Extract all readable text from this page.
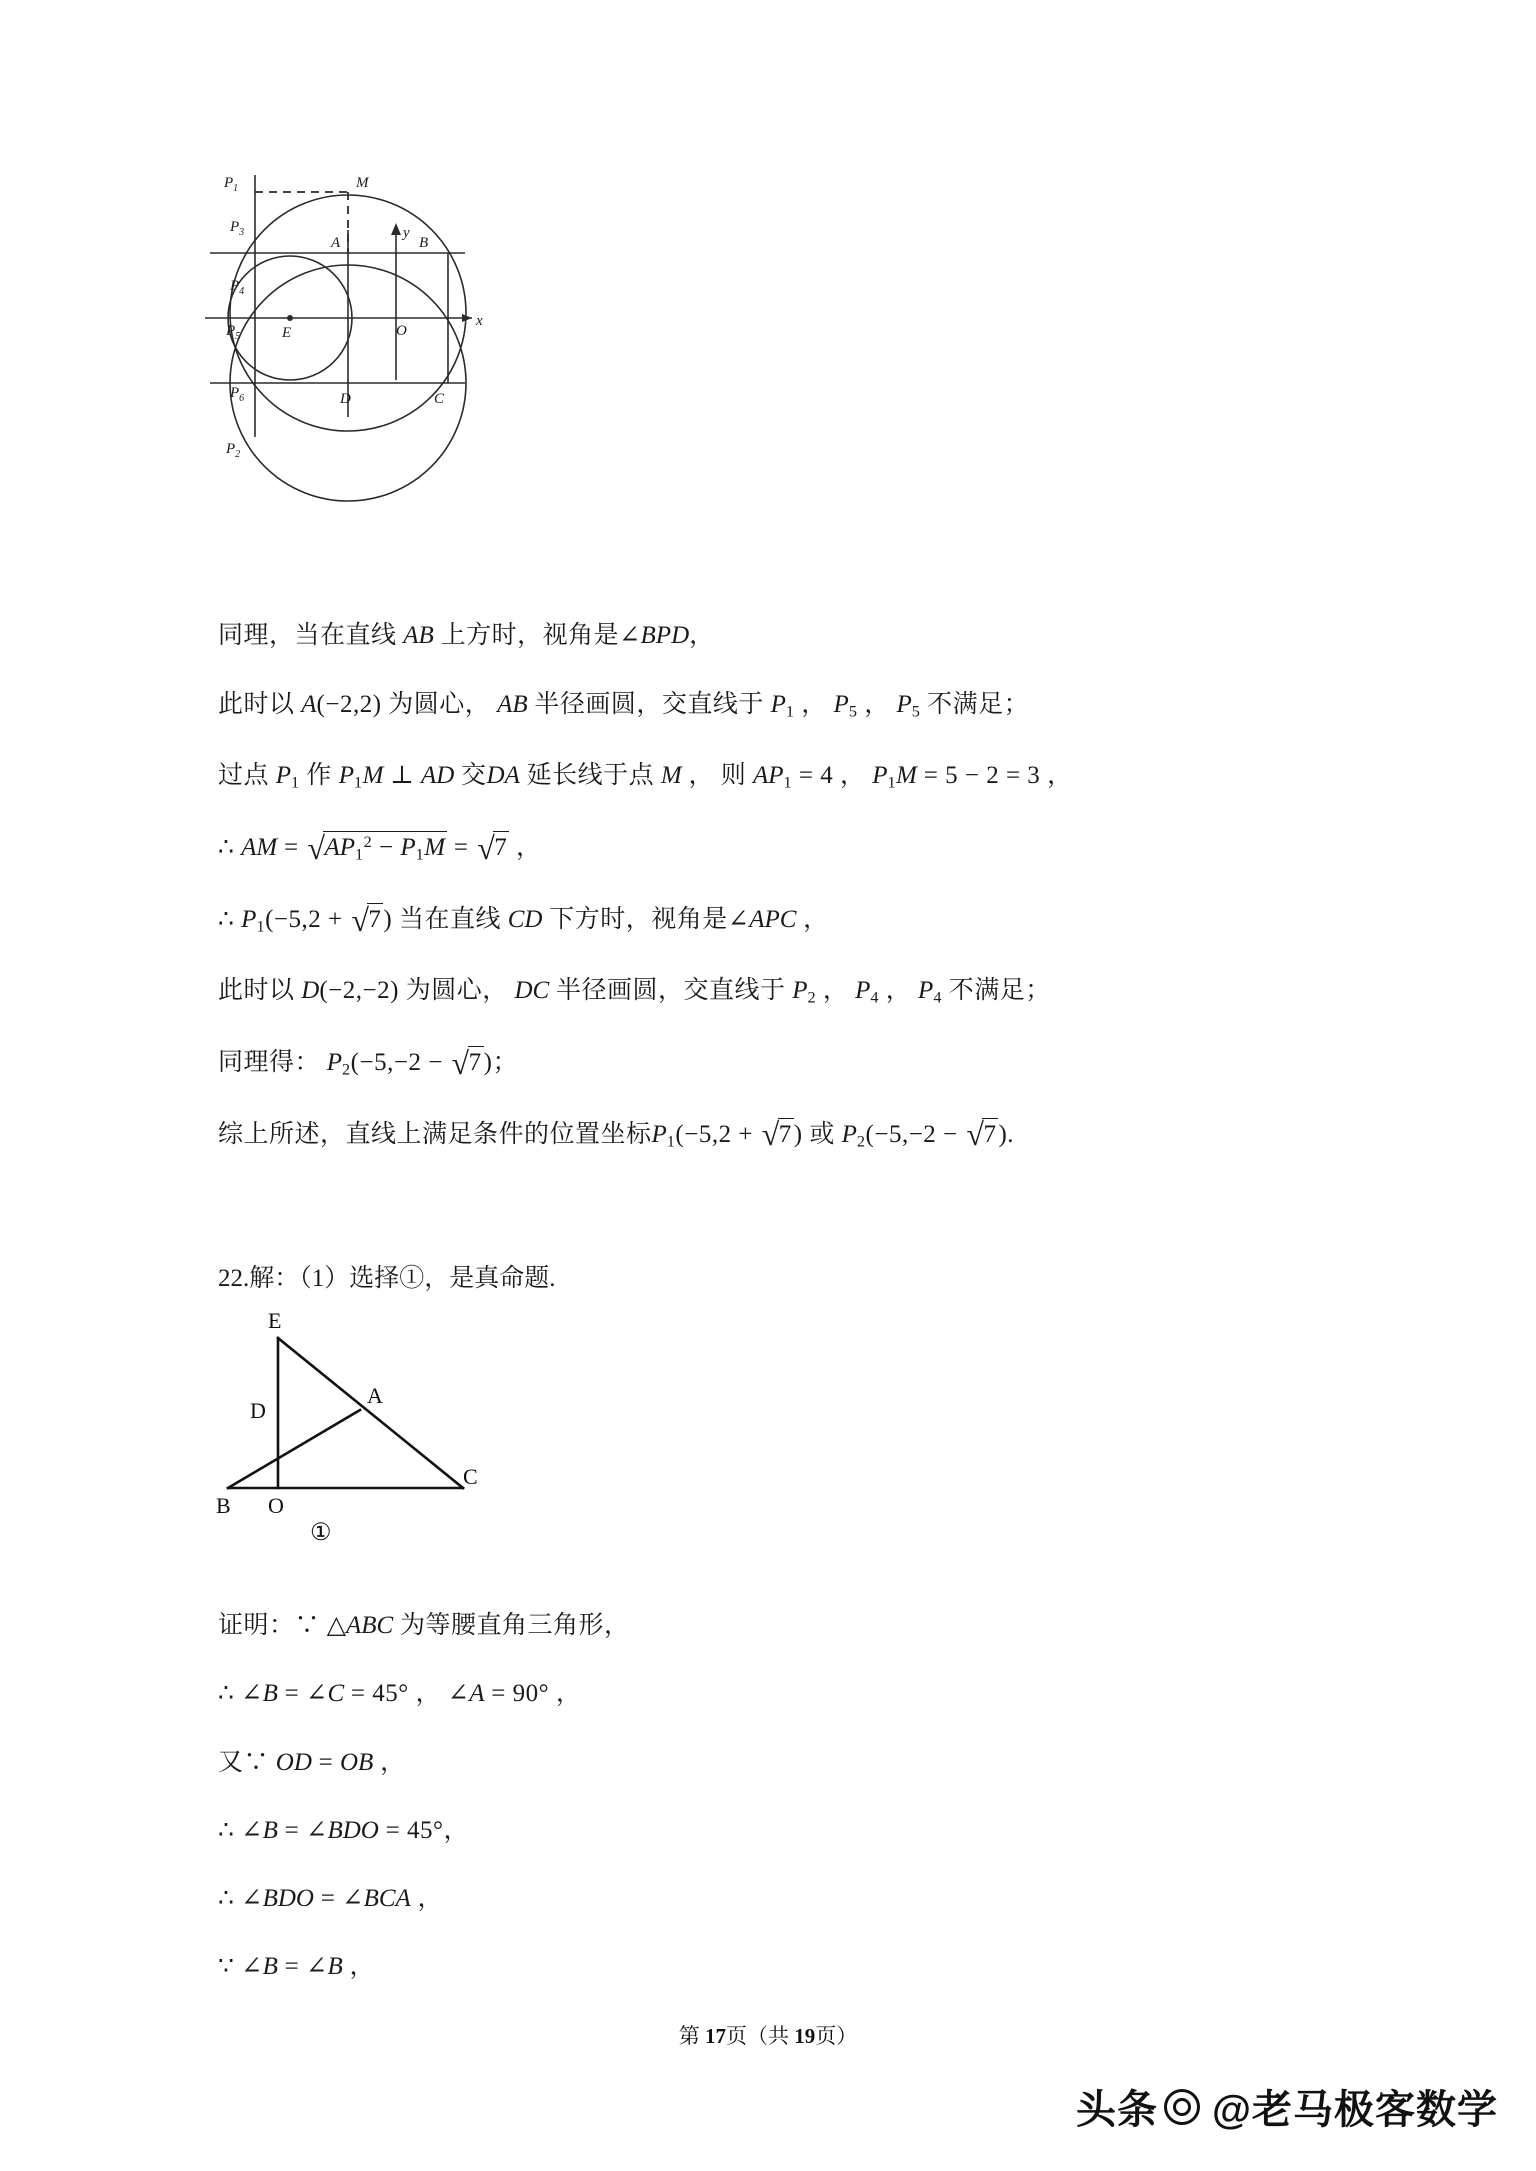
$P_1$
$P_3$
$P_4$
$P_5$
$P_6$
$P_2$
M
A	B
D	C
E	O
x
y

同理，当在直线 AB 上方时，视角是∠BPD，

此时以 A(−2,2) 为圆心， AB 半径画圆，交直线于 $P_1$ ， $P_5$ ， $P_5$ 不满足；

过点 $P_1$ 作 $P_1M$ ⊥ AD 交DA 延长线于点 M ， 则 $AP_1 = 4$ ， $P_1M = 5 - 2 = 3$ ，

∴ AM = $√AP_1^2 - P_1M = √7$ ，

∴ $P_1(-5,2 + √7)$ 当在直线 CD 下方时，视角是∠APC ，

此时以 D(−2,−2) 为圆心， DC 半径画圆，交直线于 $P_2$ ， $P_4$ ， $P_4$ 不满足；

同理得： $P_2(-5,-2 - √7)$；

综上所述，直线上满足条件的位置坐标$P_1(-5,2 + √7)$ 或 $P_2(-5,-2 - √7)$.

22.解：（1）选择①，是真命题.
E
A
D
B O
C
①

证明：∵ △ABC 为等腰直角三角形，

∴ ∠B = ∠C = 45° ， ∠A = 90° ，

又∵ OD = OB ，

∴ ∠B = ∠BDO = 45°，

∴ ∠BDO = ∠BCA ，

∵ ∠B = ∠B ，

第 17页（共 19页）
头条 @老马极客数学
